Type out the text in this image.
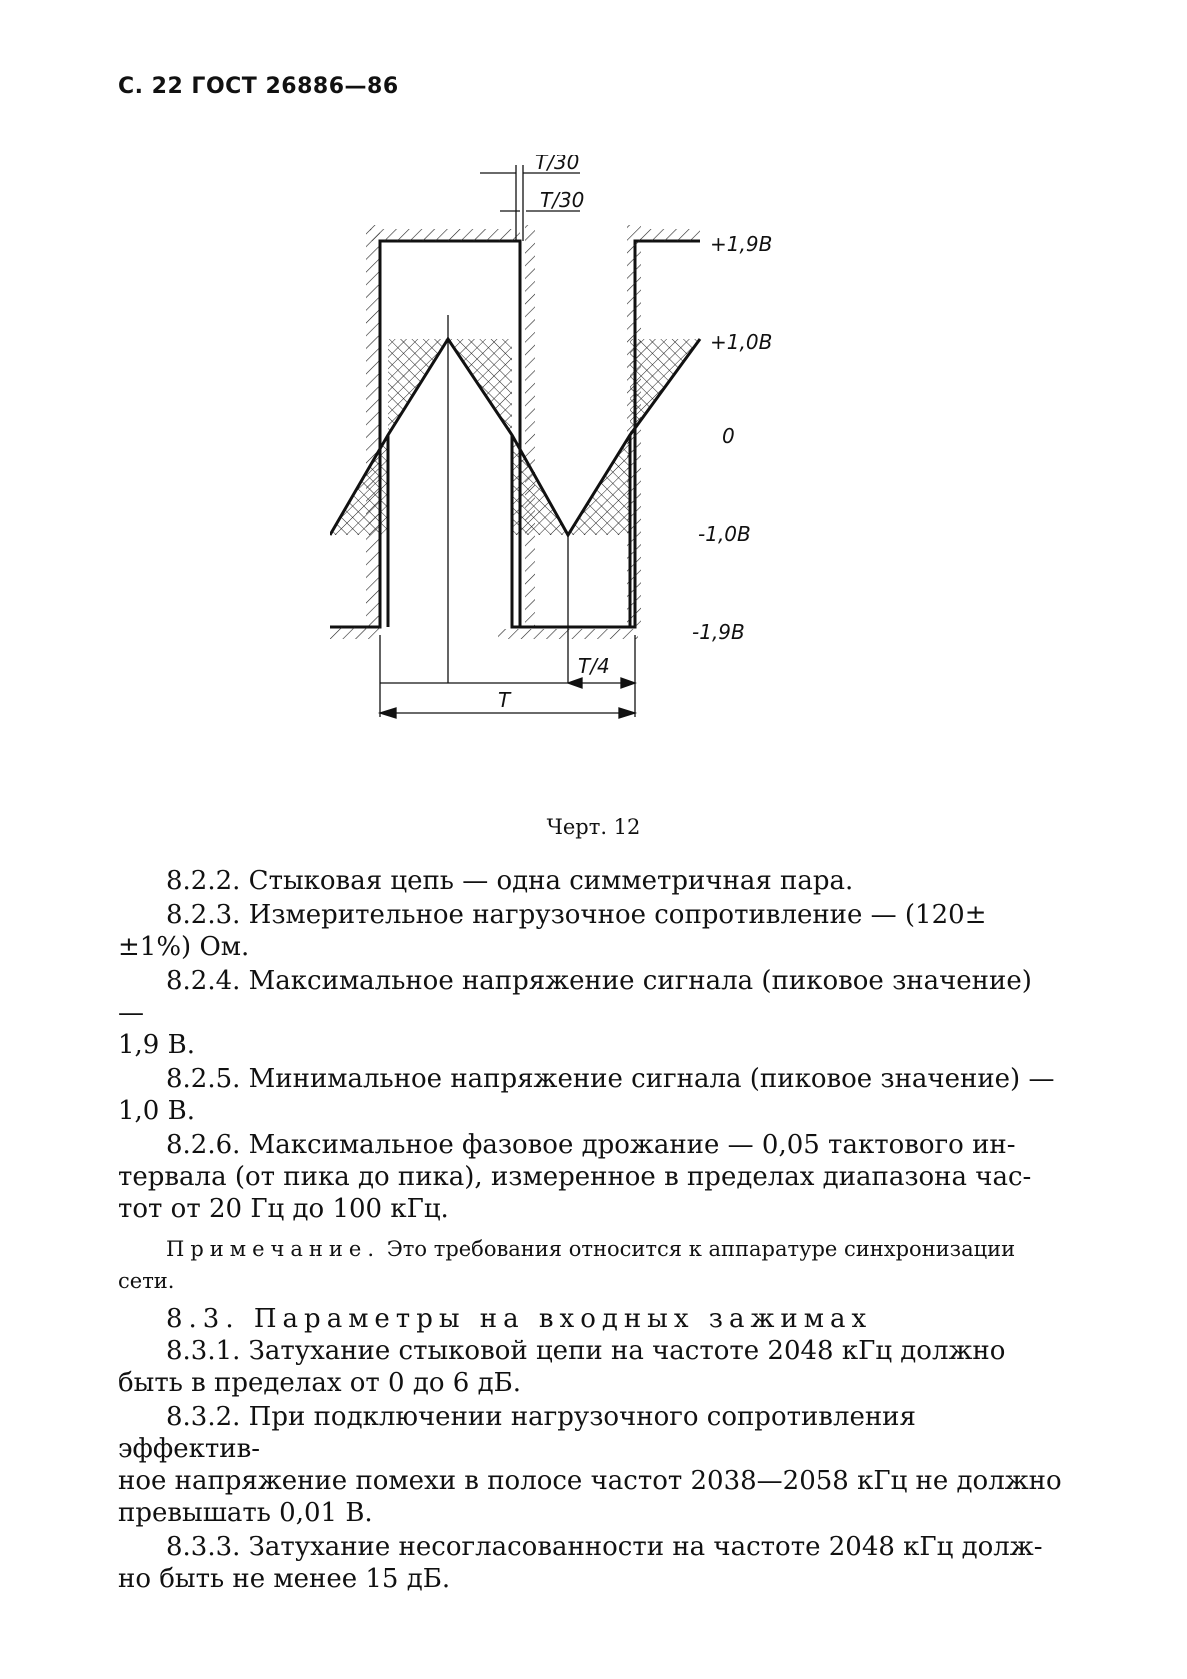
С. 22 ГОСТ 26886—86
T/30
T/30
+1,9В
+1,0В
0
-1,0В
-1,9В
T/4
T
Черт. 12

8.2.2. Стыковая цепь — одна симметричная пара.

8.2.3. Измерительное нагрузочное сопротивление — (120±

±1%) Ом.

8.2.4. Максимальное напряжение сигнала (пиковое значение) —

1,9 В.

8.2.5. Минимальное напряжение сигнала (пиковое значение) —

1,0 В.

8.2.6. Максимальное фазовое дрожание — 0,05 тактового ин-

тервала (от пика до пика), измеренное в пределах диапазона час-

тот от 20 Гц до 100 кГц.

Примечание. Это требования относится к аппаратуре синхронизации сети.

8.3. Параметры на входных зажимах

8.3.1. Затухание стыковой цепи на частоте 2048 кГц должно

быть в пределах от 0 до 6 дБ.

8.3.2. При подключении нагрузочного сопротивления эффектив-

ное напряжение помехи в полосе частот 2038—2058 кГц не должно

превышать 0,01 В.

8.3.3. Затухание несогласованности на частоте 2048 кГц долж-

но быть не менее 15 дБ.
